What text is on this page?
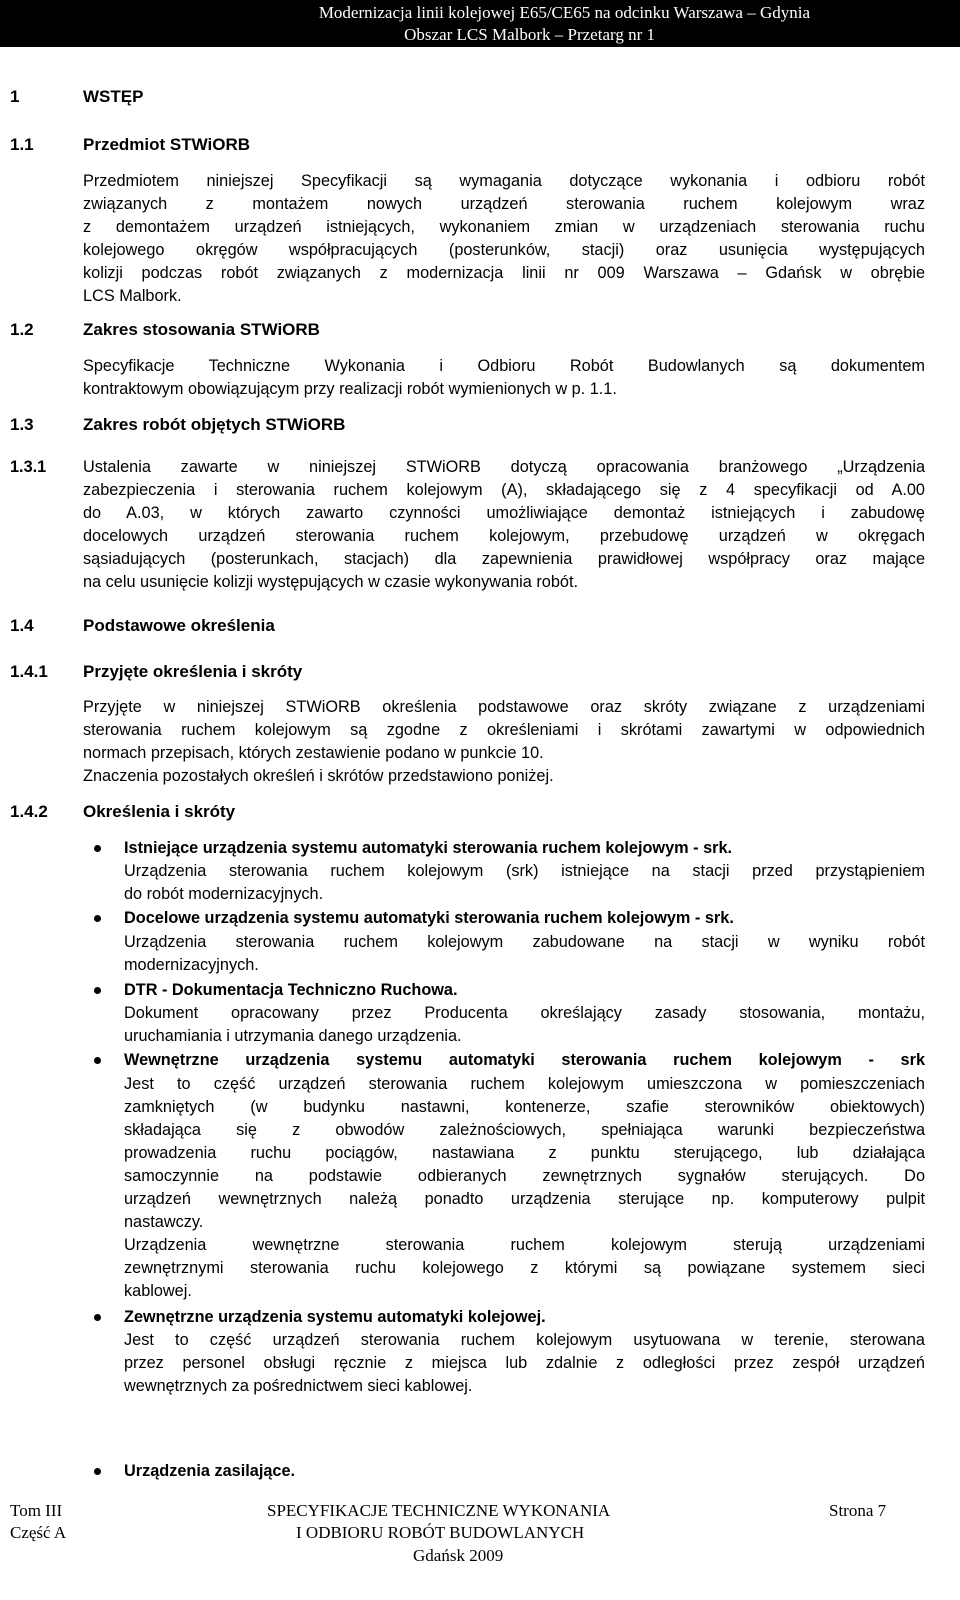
Modernizacja linii kolejowej E65/CE65 na odcinku Warszawa – Gdynia
Obszar LCS Malbork – Przetarg nr 1
1	WSTĘP
1.1	Przedmiot STWiORB
Przedmiotem niniejszej Specyfikacji są wymagania dotyczące wykonania i odbioru robót
związanych z montażem nowych urządzeń sterowania ruchem kolejowym wraz
z demontażem urządzeń istniejących, wykonaniem zmian w urządzeniach sterowania ruchu
kolejowego okręgów współpracujących (posterunków, stacji) oraz usunięcia występujących
kolizji podczas robót związanych z modernizacja linii nr 009 Warszawa – Gdańsk w obrębie
LCS Malbork.
1.2	Zakres stosowania STWiORB
Specyfikacje Techniczne Wykonania i Odbioru Robót Budowlanych są dokumentem
kontraktowym obowiązującym przy realizacji robót wymienionych w p. 1.1.
1.3	Zakres robót objętych STWiORB
1.3.1 Ustalenia zawarte w niniejszej STWiORB dotyczą opracowania branżowego „Urządzenia
zabezpieczenia i sterowania ruchem kolejowym (A), składającego się z 4 specyfikacji od A.00
do A.03, w których zawarto czynności umożliwiające demontaż istniejących i zabudowę
docelowych urządzeń sterowania ruchem kolejowym, przebudowę urządzeń w okręgach
sąsiadujących (posterunkach, stacjach) dla zapewnienia prawidłowej współpracy oraz mające
na celu usunięcie kolizji występujących w czasie wykonywania robót.
1.4	Podstawowe określenia
1.4.1 Przyjęte określenia i skróty
Przyjęte w niniejszej STWiORB określenia podstawowe oraz skróty związane z urządzeniami
sterowania ruchem kolejowym są zgodne z określeniami i skrótami zawartymi w odpowiednich
normach przepisach, których zestawienie podano w punkcie 10.
Znaczenia pozostałych określeń i skrótów przedstawiono poniżej.
1.4.2 Określenia i skróty
Istniejące urządzenia systemu automatyki sterowania ruchem kolejowym - srk.
Urządzenia sterowania ruchem kolejowym (srk) istniejące na stacji przed przystąpieniem
do robót modernizacyjnych.
Docelowe urządzenia systemu automatyki sterowania ruchem kolejowym - srk.
Urządzenia sterowania ruchem kolejowym zabudowane na stacji w wyniku robót
modernizacyjnych.
DTR - Dokumentacja Techniczno Ruchowa.
Dokument opracowany przez Producenta określający zasady stosowania, montażu,
uruchamiania i utrzymania danego urządzenia.
Wewnętrzne urządzenia systemu automatyki sterowania ruchem kolejowym - srk
Jest to część urządzeń sterowania ruchem kolejowym umieszczona w pomieszczeniach
zamkniętych (w budynku nastawni, kontenerze, szafie sterowników obiektowych)
składająca się z obwodów zależnościowych, spełniająca warunki bezpieczeństwa
prowadzenia ruchu pociągów, nastawiana z punktu sterującego, lub działająca
samoczynnie na podstawie odbieranych zewnętrznych sygnałów sterujących. Do
urządzeń wewnętrznych należą ponadto urządzenia sterujące np. komputerowy pulpit
nastawczy.
Urządzenia wewnętrzne sterowania ruchem kolejowym sterują urządzeniami
zewnętrznymi sterowania ruchu kolejowego z którymi są powiązane systemem sieci
kablowej.
Zewnętrzne urządzenia systemu automatyki kolejowej.
Jest to część urządzeń sterowania ruchem kolejowym usytuowana w terenie, sterowana
przez personel obsługi ręcznie z miejsca lub zdalnie z odległości przez zespół urządzeń
wewnętrznych za pośrednictwem sieci kablowej.
Urządzenia zasilające.
Tom III
Część A
SPECYFIKACJE TECHNICZNE WYKONANIA
I ODBIORU ROBÓT BUDOWLANYCH
Gdańsk 2009
Strona 7
